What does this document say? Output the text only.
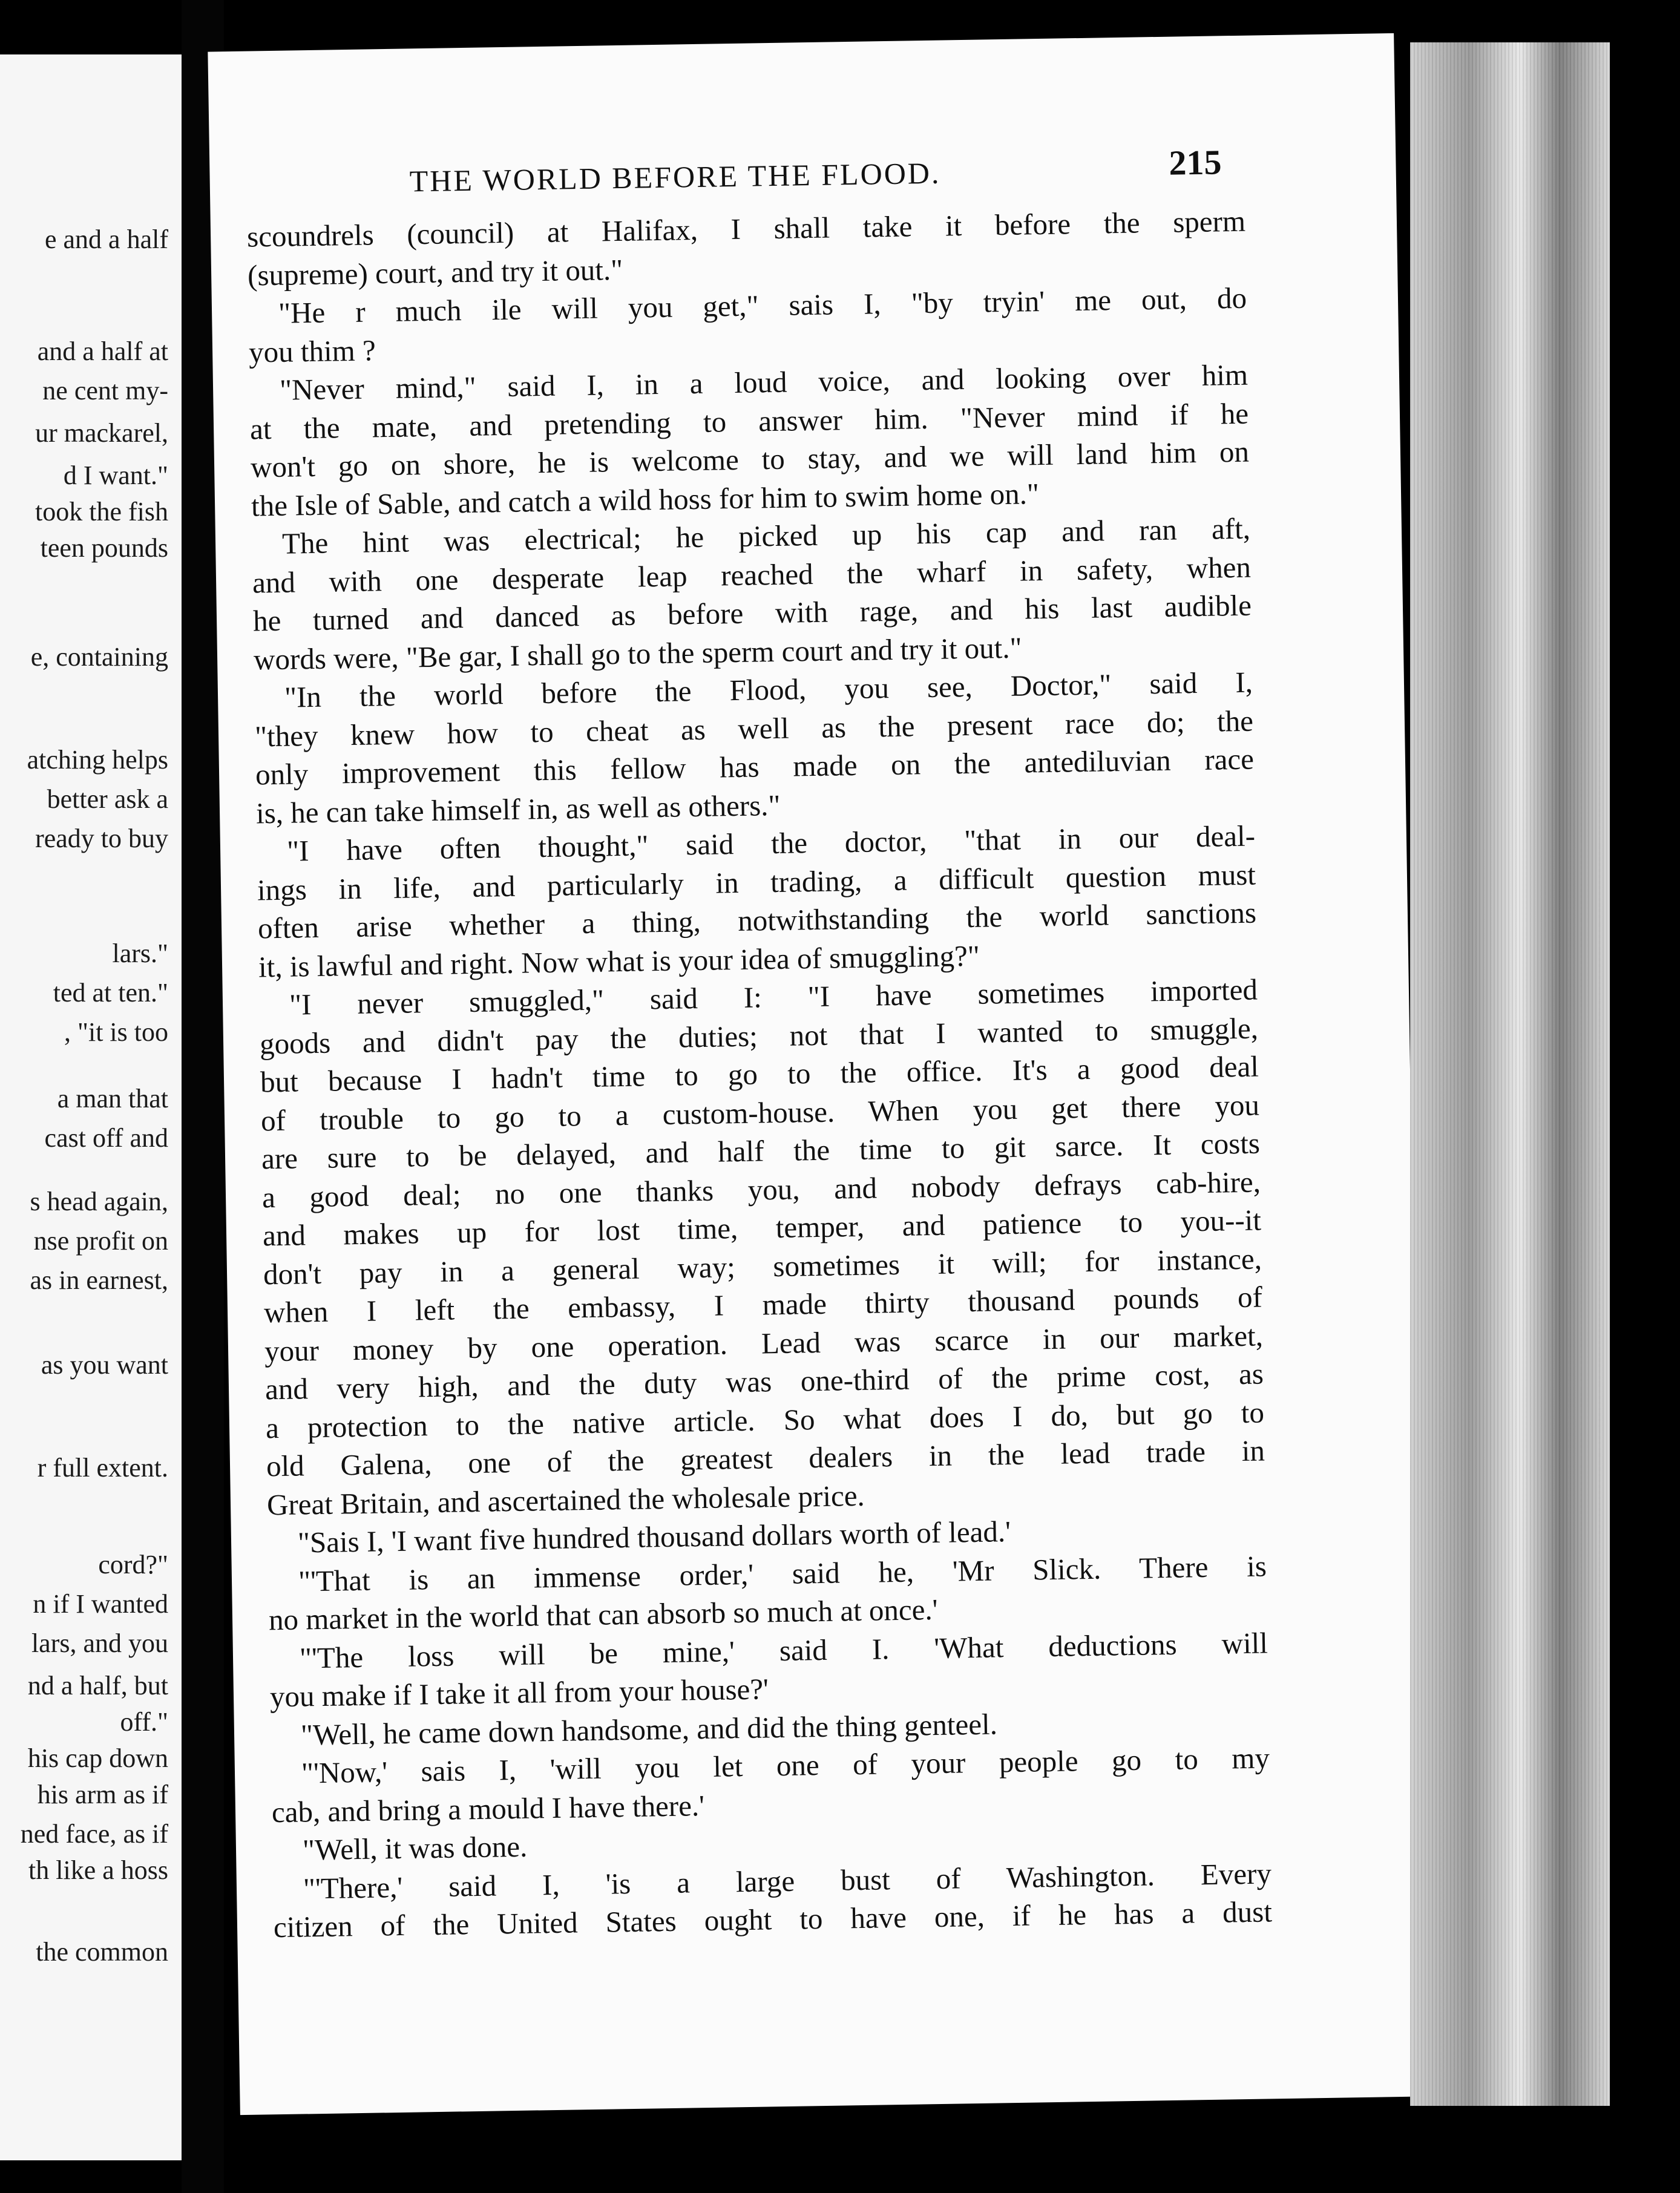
e and a half
and a half at
ne cent my-
ur mackarel,
d I want."
took the fish
teen pounds
e, containing
atching helps
better ask a
ready to buy
lars."
ted at ten."
, "it is too
a man that
cast off and
s head again,
nse profit on
as in earnest,
as you want
r full extent.
cord?"
n if I wanted
lars, and you
nd a half, but
off."
his cap down
his arm as if
ned face, as if
th like a hoss
the common
THE WORLD BEFORE THE FLOOD.	215
scoundrels (council) at Halifax, I shall take it before the sperm
(supreme) court, and try it out."
"He r much ile will you get," sais I, "by tryin' me out, do
you thim ?
"Never mind," said I, in a loud voice, and looking over him
at the mate, and pretending to answer him. "Never mind if he
won't go on shore, he is welcome to stay, and we will land him on
the Isle of Sable, and catch a wild hoss for him to swim home on."
The hint was electrical; he picked up his cap and ran aft,
and with one desperate leap reached the wharf in safety, when
he turned and danced as before with rage, and his last audible
words were, "Be gar, I shall go to the sperm court and try it out."
"In the world before the Flood, you see, Doctor," said I,
"they knew how to cheat as well as the present race do; the
only improvement this fellow has made on the antediluvian race
is, he can take himself in, as well as others."
"I have often thought," said the doctor, "that in our deal-
ings in life, and particularly in trading, a difficult question must
often arise whether a thing, notwithstanding the world sanctions
it, is lawful and right. Now what is your idea of smuggling?"
"I never smuggled," said I: "I have sometimes imported
goods and didn't pay the duties; not that I wanted to smuggle,
but because I hadn't time to go to the office. It's a good deal
of trouble to go to a custom-house. When you get there you
are sure to be delayed, and half the time to git sarce. It costs
a good deal; no one thanks you, and nobody defrays cab-hire,
and makes up for lost time, temper, and patience to you--it
don't pay in a general way; sometimes it will; for instance,
when I left the embassy, I made thirty thousand pounds of
your money by one operation. Lead was scarce in our market,
and very high, and the duty was one-third of the prime cost, as
a protection to the native article. So what does I do, but go to
old Galena, one of the greatest dealers in the lead trade in
Great Britain, and ascertained the wholesale price.
"Sais I, 'I want five hundred thousand dollars worth of lead.'
"'That is an immense order,' said he, 'Mr Slick. There is
no market in the world that can absorb so much at once.'
"'The loss will be mine,' said I. 'What deductions will
you make if I take it all from your house?'
"Well, he came down handsome, and did the thing genteel.
"'Now,' sais I, 'will you let one of your people go to my
cab, and bring a mould I have there.'
"Well, it was done.
"'There,' said I, 'is a large bust of Washington. Every
citizen of the United States ought to have one, if he has a dust
